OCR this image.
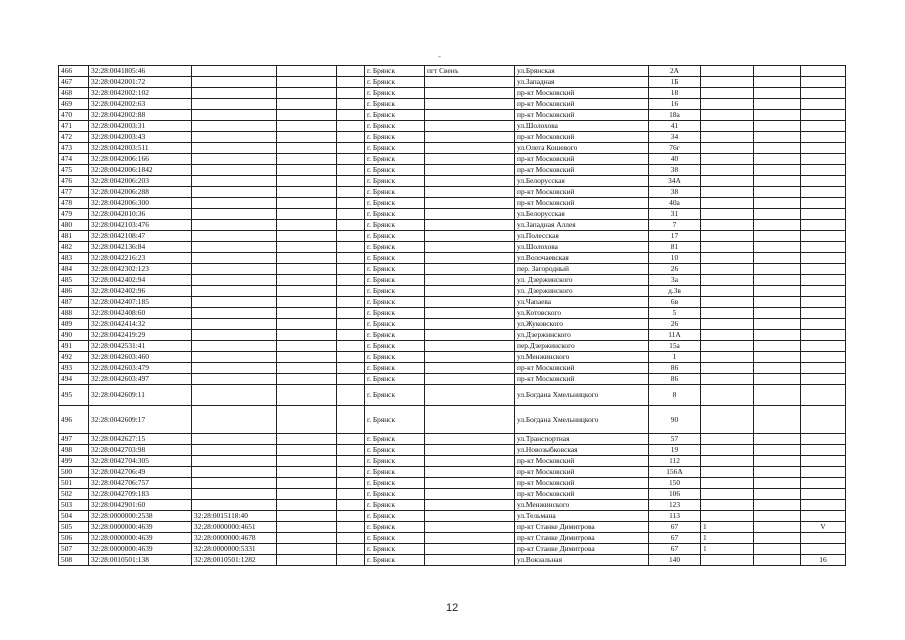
-
466	32:28:0041805:46				г. Брянск	пгт Свенъ	ул.Брянская	2А			
467	32:28:0042001:72				г. Брянск		ул.Западная	1Б			
468	32:28:0042002:102				г. Брянск		пр-кт Московский	18			
469	32:28:0042002:63				г. Брянск		пр-кт Московский	16			
470	32:28:0042002:88				г. Брянск		пр-кт Московский	18а			
471	32:28:0042003:31				г. Брянск		ул.Шолохова	41			
472	32:28:0042003:43				г. Брянск		пр-кт Московский	34			
473	32:28:0042003:511				г. Брянск		ул.Олега Кошевого	76г			
474	32:28:0042006:166				г. Брянск		пр-кт Московский	40			
475	32:28:0042006:1842				г. Брянск		пр-кт Московский	38			
476	32:28:0042006:203				г. Брянск		ул.Белорусская	34А			
477	32:28:0042006:288				г. Брянск		пр-кт Московский	38			
478	32:28:0042006:300				г. Брянск		пр-кт Московский	40а			
479	32:28:0042010:36				г. Брянск		ул.Белорусская	31			
480	32:28:0042103:476				г. Брянск		ул.Западная Аллея	7			
481	32:28:0042108:47				г. Брянск		ул.Полесская	17			
482	32:28:0042136:84				г. Брянск		ул.Шолохова	81			
483	32:28:0042216:23				г. Брянск		ул.Волочаевская	10			
484	32:28:0042302:123				г. Брянск		пер. Загородный	26			
485	32:28:0042402:94				г. Брянск		ул. Дзержинского	3а			
486	32:28:0042402:96				г. Брянск		ул. Дзержинского	д.3в			
487	32:28:0042407:185				г. Брянск		ул.Чапаева	6в			
488	32:28:0042408:60				г. Брянск		ул.Котовского	5			
489	32:28:0042414:32				г. Брянск		ул.Жуковского	26			
490	32:28:0042419:29				г. Брянск		ул.Дзержинского	11А			
491	32:28:0042531:41				г. Брянск		пер.Дзержинского	15а			
492	32:28:0042603:460				г. Брянск		ул.Менжинского	1			
493	32:28:0042603:479				г. Брянск		пр-кт Московский	86			
494	32:28:0042603:497				г. Брянск		пр-кт Московский	86			
495	32:28:0042609:11				г. Брянск		ул.Богдана Хмельницкого	8			
496	32:28:0042609:17				г. Брянск		ул.Богдана Хмельницкого	90			
497	32:28:0042627:15				г. Брянск		ул.Транспортная	57			
498	32:28:0042703:98				г. Брянск		ул.Новозыбковская	19			
499	32:28:0042704:305				г. Брянск		пр-кт Московский	112			
500	32:28:0042706:49				г. Брянск		пр-кт Московский	156А			
501	32:28:0042706:757				г. Брянск		пр-кт Московский	150			
502	32:28:0042709:183				г. Брянск		пр-кт Московский	106			
503	32:28:0042901:60				г. Брянск		ул.Менжинского	123			
504	32:28:0000000:2538	32:28:0015118:40			г. Брянск		ул.Тельмана	113			
505	32:28:0000000:4639	32:28:0000000:4651			г. Брянск		пр-кт Станке Димитрова	67	1		V
506	32:28:0000000:4639	32:28:0000000:4678			г. Брянск		пр-кт Станке Димитрова	67	1		
507	32:28:0000000:4639	32:28:0000000:5331			г. Брянск		пр-кт Станке Димитрова	67	1		
508	32:28:0010501:138	32:28:0010501:1282			г. Брянск		ул.Вокзальная	140			16
12
